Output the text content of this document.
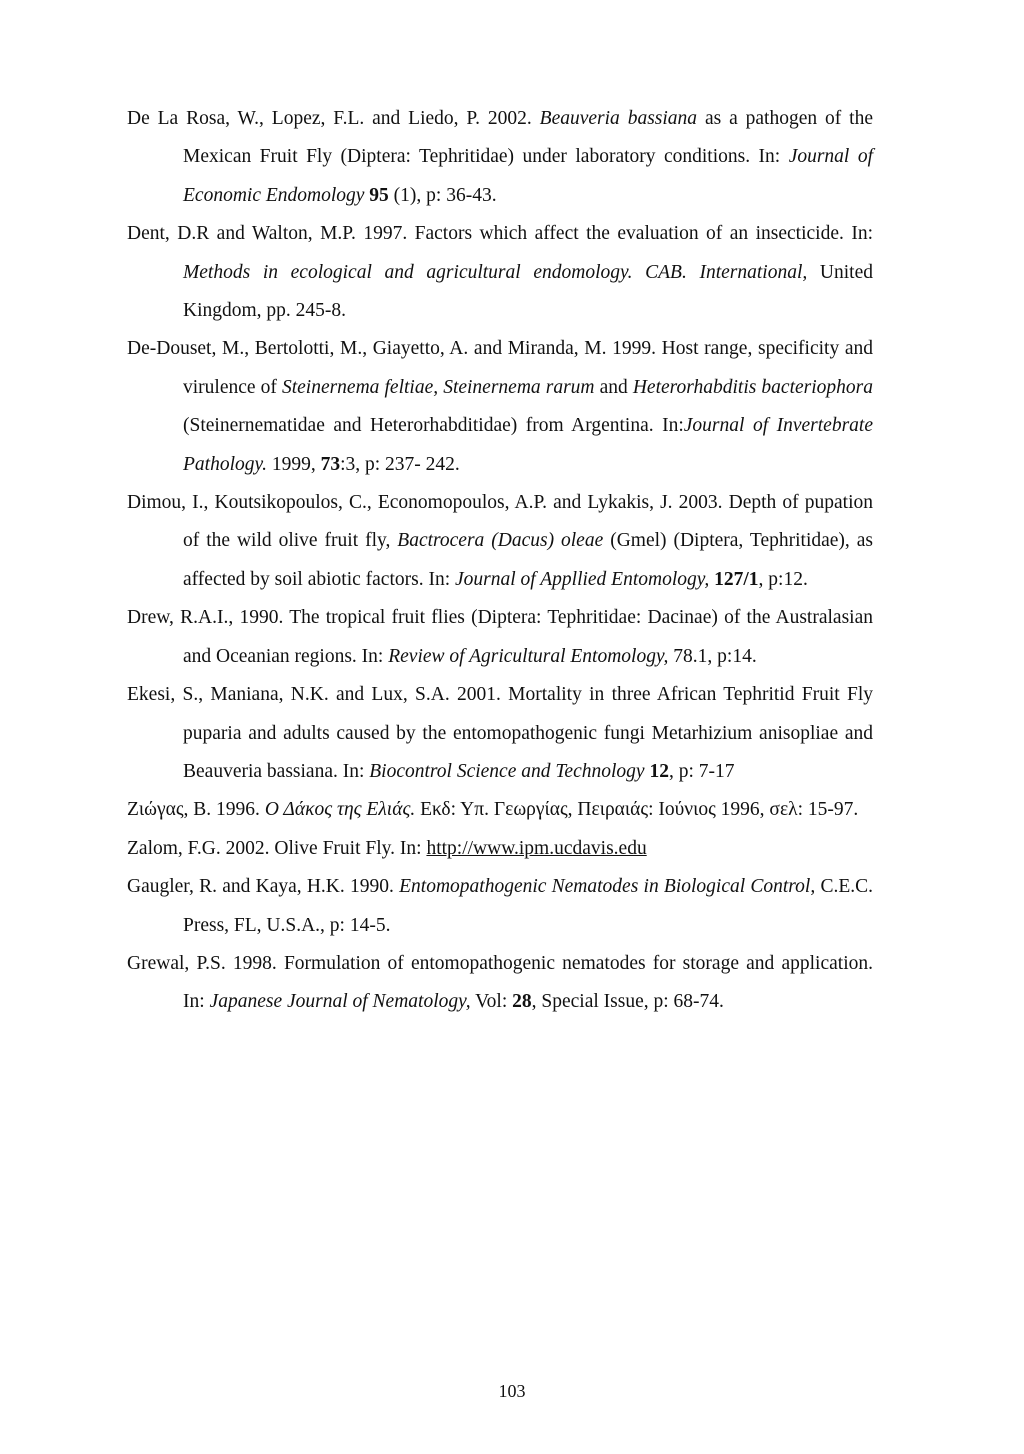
De La Rosa, W., Lopez, F.L. and Liedo, P. 2002. Beauveria bassiana as a pathogen of the Mexican Fruit Fly (Diptera: Tephritidae) under laboratory conditions. In: Journal of Economic Endomology 95 (1), p: 36-43.

Dent, D.R and Walton, M.P. 1997. Factors which affect the evaluation of an insecticide. In: Methods in ecological and agricultural endomology. CAB. International, United Kingdom, pp. 245-8.

De-Douset, M., Bertolotti, M., Giayetto, A. and Miranda, M. 1999. Host range, specificity and virulence of Steinernema feltiae, Steinernema rarum and Heterorhabditis bacteriophora (Steinernematidae and Heterorhabditidae) from Argentina. In:Journal of Invertebrate Pathology. 1999, 73:3, p: 237- 242.

Dimou, I., Koutsikopoulos, C., Economopoulos, A.P. and Lykakis, J. 2003. Depth of pupation of the wild olive fruit fly, Bactrocera (Dacus) oleae (Gmel) (Diptera, Tephritidae), as affected by soil abiotic factors. In: Journal of Appllied Entomology, 127/1, p:12.

Drew, R.A.I., 1990. The tropical fruit flies (Diptera: Tephritidae: Dacinae) of the Australasian and Oceanian regions. In: Review of Agricultural Entomology, 78.1, p:14.

Ekesi, S., Maniana, N.K. and Lux, S.A. 2001. Mortality in three African Tephritid Fruit Fly puparia and adults caused by the entomopathogenic fungi Metarhizium anisopliae and Beauveria bassiana. In: Biocontrol Science and Technology 12, p: 7-17

Ζιώγας, Β. 1996. Ο Δάκος της Ελιάς. Εκδ: Υπ. Γεωργίας, Πειραιάς: Ιούνιος 1996, σελ: 15-97.

Zalom, F.G. 2002. Olive Fruit Fly. In: http://www.ipm.ucdavis.edu

Gaugler, R. and Kaya, H.K. 1990. Entomopathogenic Nematodes in Biological Control, C.E.C. Press, FL, U.S.A., p: 14-5.

Grewal, P.S. 1998. Formulation of entomopathogenic nematodes for storage and application. In: Japanese Journal of Nematology, Vol: 28, Special Issue, p: 68-74.

103
